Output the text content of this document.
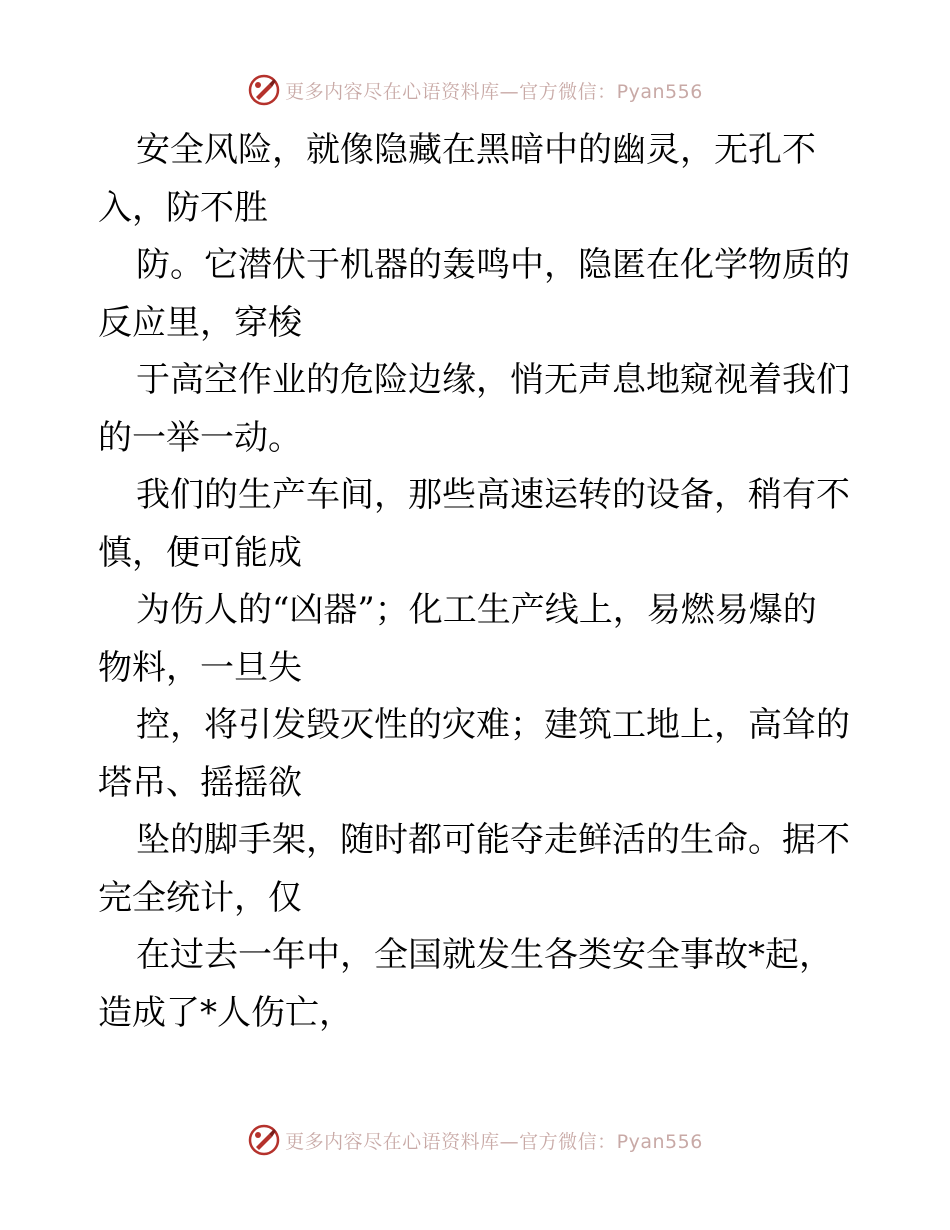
更多内容尽在心语资料库—官方微信：Pyan556

安全风险，就像隐藏在黑暗中的幽灵，无孔不
入，防不胜

防。它潜伏于机器的轰鸣中，隐匿在化学物质的
反应里，穿梭

于高空作业的危险边缘，悄无声息地窥视着我们
的一举一动。

我们的生产车间，那些高速运转的设备，稍有不
慎，便可能成

为伤人的“凶器”；化工生产线上，易燃易爆的
物料，一旦失

控，将引发毁灭性的灾难；建筑工地上，高耸的
塔吊、摇摇欲

坠的脚手架，随时都可能夺走鲜活的生命。据不
完全统计，仅

在过去一年中，全国就发生各类安全事故*起，
造成了*人伤亡，

更多内容尽在心语资料库—官方微信：Pyan556
